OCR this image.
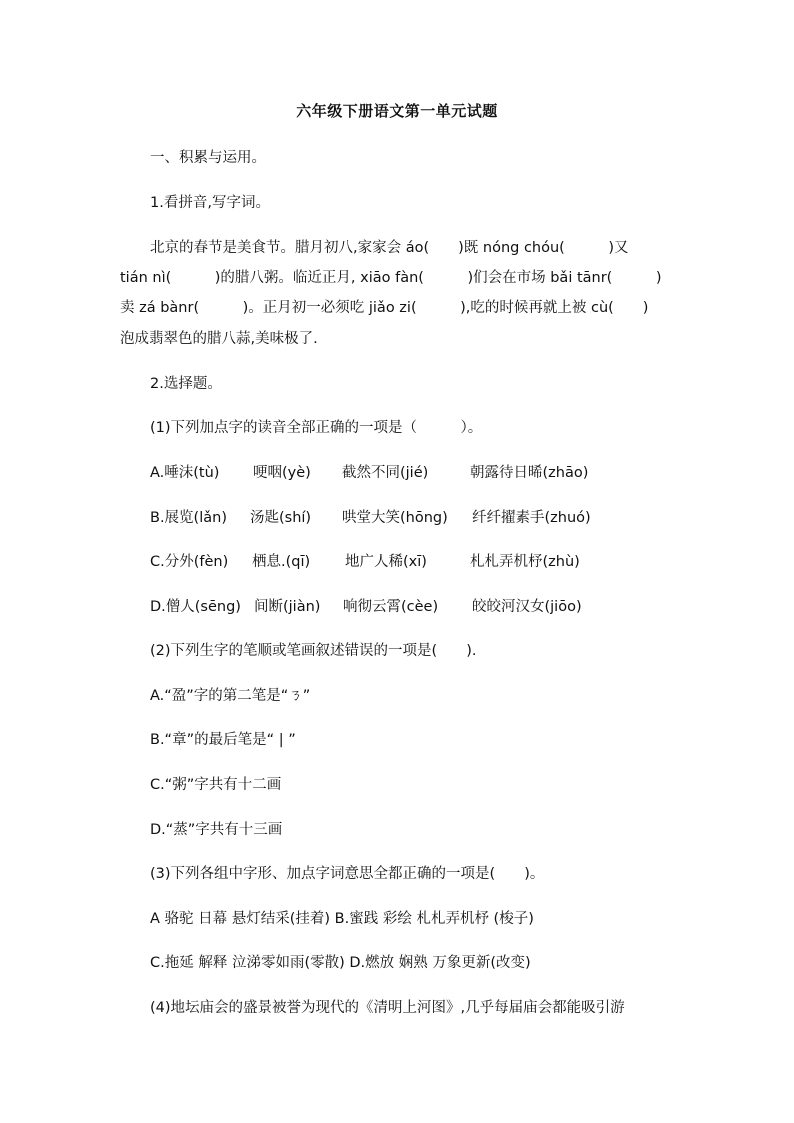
六年级下册语文第一单元试题
一、积累与运用。
1.看拼音,写字词。
北京的春节是美食节。腊月初八,家家会 áo(　　)既 nóng chóu(　　　)又
tián nì(　　　)的腊八粥。临近正月, xiāo fàn(　　　)们会在市场 bǎi tānr(　　　)
卖 zá bànr(　　　)。正月初一必须吃 jiǎo zi(　　　),吃的时候再就上被 cù(　　)
泡成翡翠色的腊八蒜,美味极了.
2.选择题。
(1)下列加点字的读音全部正确的一项是（　　　）。
A.唾沫(tù) 哽咽(yè) 截然不同(jié)	朝露待日晞(zhāo)
B.展览(lǎn) 汤匙(shí) 哄堂大笑(hōng) 纤纤擢素手(zhuó)
C.分外(fèn) 栖息.(qī) 地广人稀(xī)	札札弄机杼(zhù)
D.僧人(sēng) 间断(jiàn) 响彻云霄(cèe) 皎皎河汉女(jiōo)
(2)下列生字的笔顺或笔画叙述错误的一项是(　　).
A.“盈”字的第二笔是“ㄋ”
B.“章”的最后笔是“ | ”
C.“粥”字共有十二画
D.“蒸”字共有十三画
(3)下列各组中字形、加点字词意思全都正确的一项是(　　)。
A 骆驼 日幕 悬灯结采(挂着) B.蜜践 彩绘 札札弄机杼 (梭子)
C.拖延 解释 泣涕零如雨(零散) D.燃放 娴熟 万象更新(改变)
(4)地坛庙会的盛景被誉为现代的《清明上河图》,几乎每届庙会都能吸引游
